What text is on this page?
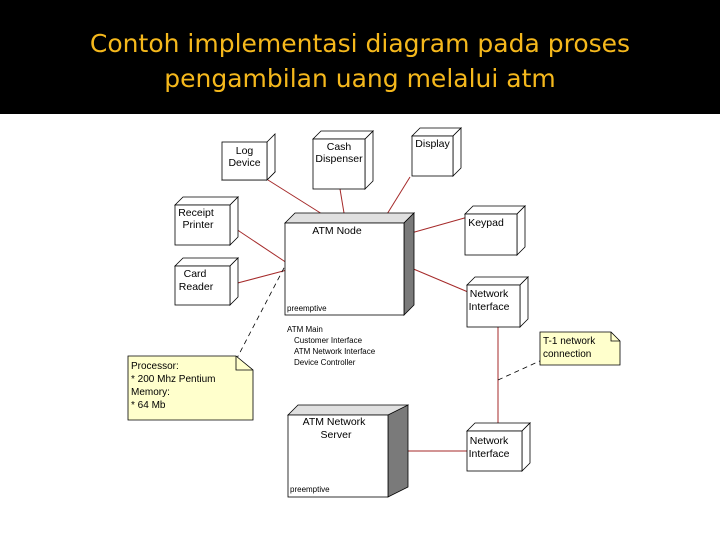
Contoh implementasi diagram pada proses
pengambilan uang melalui atm
Log
Device
Cash
Dispenser
Display
Receipt
Printer	Keypad
Card
Reader
ATM Node
preemptive
ATM Main
Customer Interface
ATM Network Interface
Device Controller
Network
Interface
Processor:
* 200 Mhz Pentium
Memory:
* 64 Mb
T-1 network
connection
ATM Network
Server
preemptive
Network
Interface
